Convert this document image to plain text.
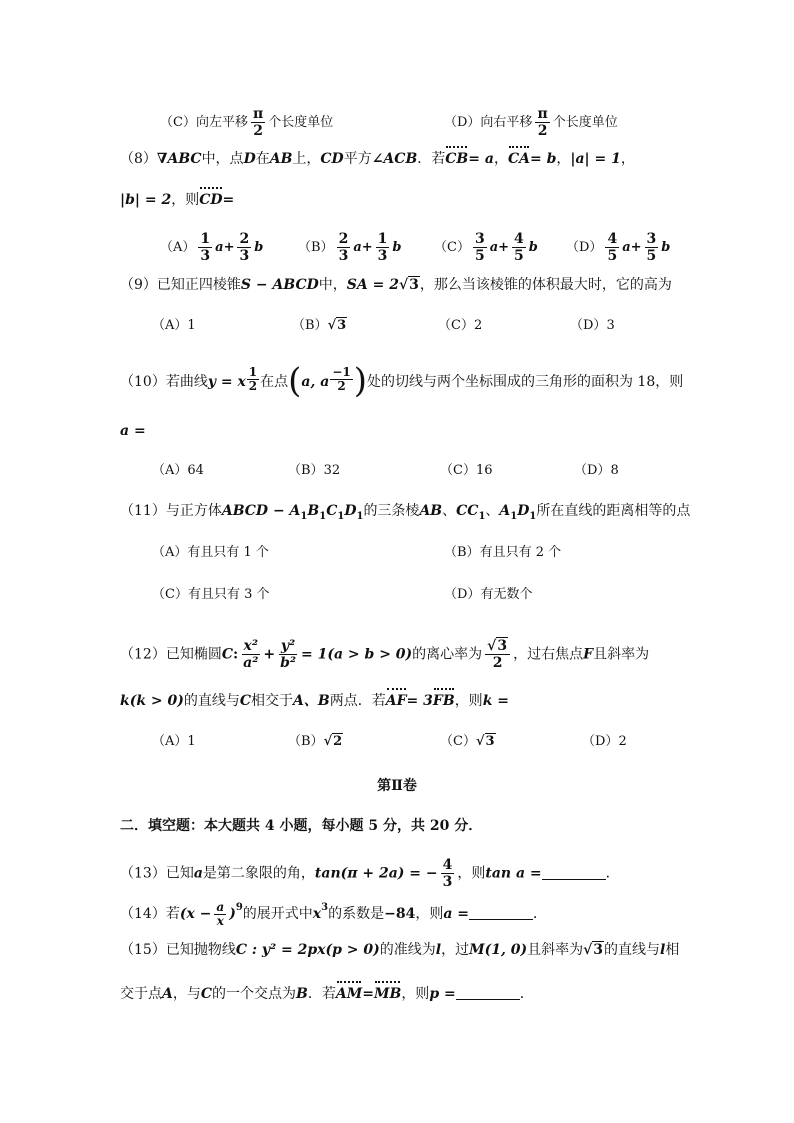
（C）向左平移 $\frac{\pi}{2}$ 个长度单位	（D）向右平移 $\frac{\pi}{2}$ 个长度单位
（8）∇ABC中，点D在AB上，CD平方∠ACB．若CB= a，CA= b，|a| = 1，
|b| = 2，则CD=
$(A) \frac{1}{3} a+ \frac{2}{3}$ b	$(B) \frac{2}{3} a+ \frac{1}{3}$ b	$(C) \frac{3}{5} a+ \frac{4}{5}$ b $(D) \frac{4}{5} a+ \frac{3}{5}$ b
（9）已知正四棱锥S − ABCD中，SA = 2√3，那么当该棱锥的体积最大时，它的高为
（A）1	（B）√3	（C）2	（D）3
（10）若曲线y = x $\frac{1}{2}$ 在点(a, a $\frac{-1}{2}$ )处的切线与两个坐标围成的三角形的面积为 18，则
a =
（A）64	（B）32	（C）16	（D）8
（11）与正方体ABCD − $A_1B_1C_1D_1$的三条棱AB、$CC_1$、$A_1D_1$所在直线的距离相等的点
（A）有且只有 1 个	（B）有且只有 2 个
（C）有且只有 3 个	（D）有无数个
（12）已知椭圆C: $\frac{\text{x²}}{\text{a²}} + \frac{\text{y²}}{\text{b²}} = 1(a > b > 0)$的离心率为 $\frac{√3}{2}$ ，过右焦点F且斜率为
k(k > 0)的直线与C相交于A、B两点．若AF= 3FB，则k =
（A）1	（B）√2	（C）√3	（D）2
第Ⅱ卷
二．填空题：本大题共 4 小题，每小题 5 分，共 20 分．
（13）已知a是第二象限的角，tan(π + 2a) = − $\frac{4}{3}$ ，则tan a =	．
（14）若$(x - \frac{a}{x} )^9$的展开式中$x^3$的系数是−84，则a =	．
（15）已知抛物线C : y² = 2px(p > 0)的准线为l，过M(1, 0)且斜率为√3的直线与l相
交于点A，与C的一个交点为B．若AM=MB，则p =	．
